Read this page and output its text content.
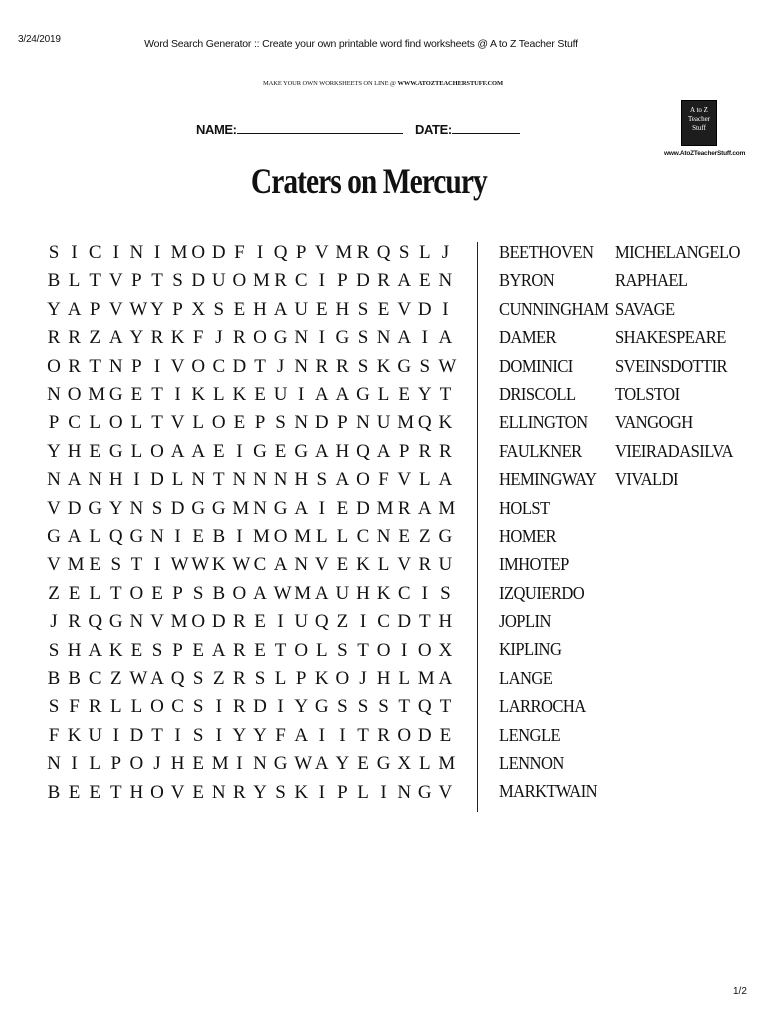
3/24/2019	Word Search Generator :: Create your own printable word find worksheets @ A to Z Teacher Stuff
MAKE YOUR OWN WORKSHEETS ON LINE @ WWW.ATOZTEACHERSTUFF.COM
NAME:	DATE:
A to Z
Teacher
Stuff
www.AtoZTeacherStuff.com
Craters on Mercury
S I C I N I M O D F I Q P V M R Q S L J
B L T V P T S D U O M R C I P D R A E N
Y A P V W Y P X S E H A U E H S E V D I
R R Z A Y R K F J R O G N I G S N A I A
O R T N P I V O C D T J N R R S K G S W
N O M G E T I K L K E U I A A G L E Y T
P C L O L T V L O E P S N D P N U M Q K
Y H E G L O A A E I G E G A H Q A P R R
N A N H I D L N T N N N H S A O F V L A
V D G Y N S D G G M N G A I E D M R A M
G A L Q G N I E B I M O M L L C N E Z G
V M E S T I W W K W C A N V E K L V R U
Z E L T O E P S B O A W M A U H K C I S
J R Q G N V M O D R E I U Q Z I C D T H
S H A K E S P E A R E T O L S T O I O X
B B C Z W A Q S Z R S L P K O J H L M A
S F R L L O C S I R D I Y G S S S T Q T
F K U I D T I S I Y Y F A I I T R O D E
N I L P O J H E M I N G W A Y E G X L M
B E E T H O V E N R Y S K I P L I N G V
BEETHOVEN
BYRON
CUNNINGHAM
DAMER
DOMINICI
DRISCOLL
ELLINGTON
FAULKNER
HEMINGWAY
HOLST
HOMER
IMHOTEP
IZQUIERDO
JOPLIN
KIPLING
LANGE
LARROCHA
LENGLE
LENNON
MARKTWAIN
MICHELANGELO
RAPHAEL
SAVAGE
SHAKESPEARE
SVEINSDOTTIR
TOLSTOI
VANGOGH
VIEIRADASILVA
VIVALDI
1/2
